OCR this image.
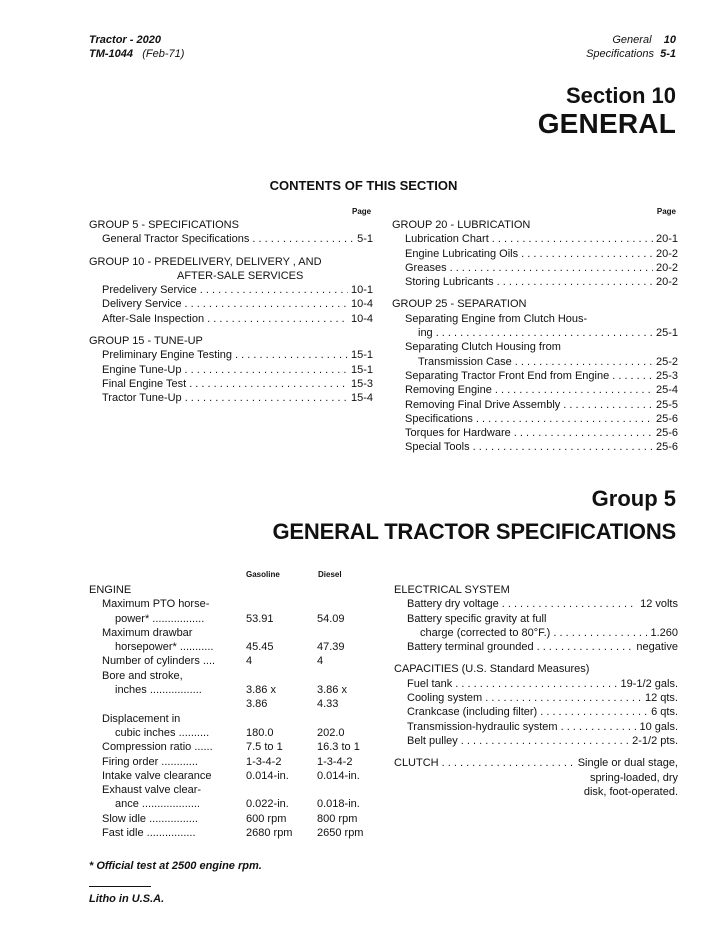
Tractor - 2020
TM-1044 (Feb-71)
General 10
Specifications 5-1
Section 10
GENERAL
CONTENTS OF THIS SECTION
Page	Page
GROUP 5 - SPECIFICATIONS
General Tractor Specifications . . .	5-1
GROUP 10 - PREDELIVERY, DELIVERY , AND
AFTER-SALE SERVICES
Predelivery Service . . .	10-1
Delivery Service . . .	10-4
After-Sale Inspection . . .	10-4
GROUP 15 - TUNE-UP
Preliminary Engine Testing . . .	15-1
Engine Tune-Up . . .	15-1
Final Engine Test . . .	15-3
Tractor Tune-Up . . .	15-4
GROUP 20 - LUBRICATION
Lubrication Chart . . .	20-1
Engine Lubricating Oils . . .	20-2
Greases . . .	20-2
Storing Lubricants . . .	20-2
GROUP 25 - SEPARATION
Separating Engine from Clutch Hous-
ing . . .	25-1
Separating Clutch Housing from
Transmission Case . . .	25-2
Separating Tractor Front End from Engine . . .	25-3
Removing Engine . . .	25-4
Removing Final Drive Assembly . . .	25-5
Specifications . . .	25-6
Torques for Hardware . . .	25-6
Special Tools . . .	25-6
Group 5
GENERAL TRACTOR SPECIFICATIONS
Gasoline	Diesel
ENGINE
Maximum PTO horse-
power* .................	53.91	54.09
Maximum drawbar
horsepower* ...........	45.45	47.39
Number of cylinders ....	4	4
Bore and stroke,
inches .................	3.86 x	3.86 x
3.86	4.33
Displacement in
cubic inches ..........	180.0	202.0
Compression ratio ......	7.5 to 1	16.3 to 1
Firing order ............	1-3-4-2	1-3-4-2
Intake valve clearance	0.014-in.	0.014-in.
Exhaust valve clear-
ance ...................	0.022-in.	0.018-in.
Slow idle ................	600 rpm	800 rpm
Fast idle ................	2680 rpm 2650 rpm
ELECTRICAL SYSTEM
Battery dry voltage . . .	12 volts
Battery specific gravity at full
charge (corrected to 80°F.) . . .	1.260
Battery terminal grounded . . .	negative
CAPACITIES (U.S. Standard Measures)
Fuel tank . . .	19-1/2 gals.
Cooling system . . .	12 qts.
Crankcase (including filter) . . .	6 qts.
Transmission-hydraulic system . . .	10 gals.
Belt pulley . . .	2-1/2 pts.
CLUTCH . . .	Single or dual stage,
spring-loaded, dry
disk, foot-operated.
* Official test at 2500 engine rpm.
Litho in U.S.A.
